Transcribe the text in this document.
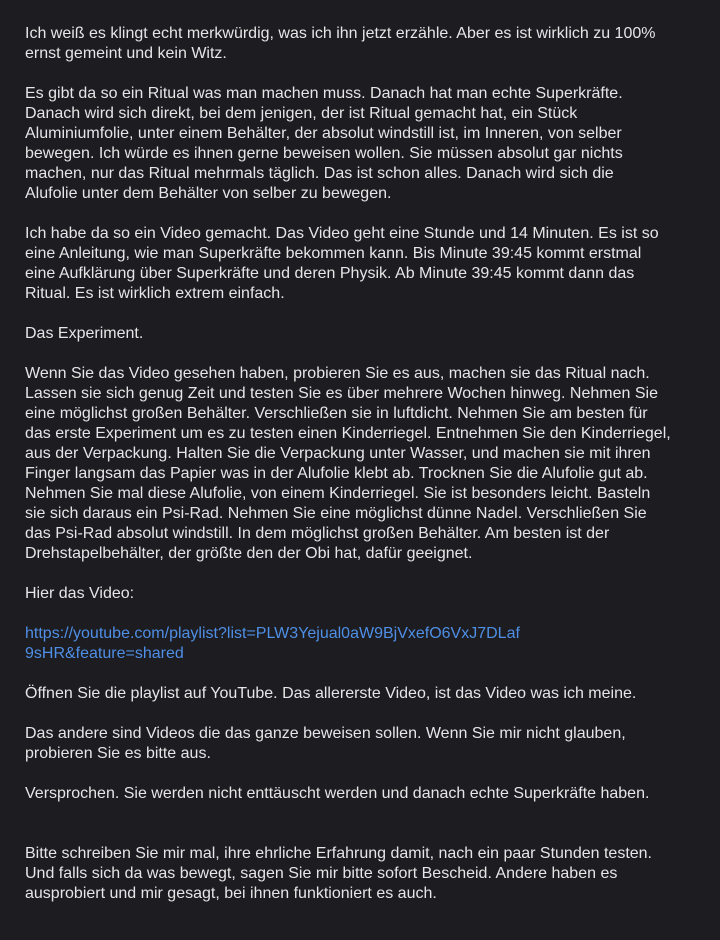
Ich weiß es klingt echt merkwürdig, was ich ihn jetzt erzähle. Aber es ist wirklich zu 100%
ernst gemeint und kein Witz.

Es gibt da so ein Ritual was man machen muss. Danach hat man echte Superkräfte.
Danach wird sich direkt, bei dem jenigen, der ist Ritual gemacht hat, ein Stück
Aluminiumfolie, unter einem Behälter, der absolut windstill ist, im Inneren, von selber
bewegen. Ich würde es ihnen gerne beweisen wollen. Sie müssen absolut gar nichts
machen, nur das Ritual mehrmals täglich. Das ist schon alles. Danach wird sich die
Alufolie unter dem Behälter von selber zu bewegen.

Ich habe da so ein Video gemacht. Das Video geht eine Stunde und 14 Minuten. Es ist so
eine Anleitung, wie man Superkräfte bekommen kann. Bis Minute 39:45 kommt erstmal
eine Aufklärung über Superkräfte und deren Physik. Ab Minute 39:45 kommt dann das
Ritual. Es ist wirklich extrem einfach.

Das Experiment.

Wenn Sie das Video gesehen haben, probieren Sie es aus, machen sie das Ritual nach.
Lassen sie sich genug Zeit und testen Sie es über mehrere Wochen hinweg. Nehmen Sie
eine möglichst großen Behälter. Verschließen sie in luftdicht. Nehmen Sie am besten für
das erste Experiment um es zu testen einen Kinderriegel. Entnehmen Sie den Kinderriegel,
aus der Verpackung. Halten Sie die Verpackung unter Wasser, und machen sie mit ihren
Finger langsam das Papier was in der Alufolie klebt ab. Trocknen Sie die Alufolie gut ab.
Nehmen Sie mal diese Alufolie, von einem Kinderriegel. Sie ist besonders leicht. Basteln
sie sich daraus ein Psi-Rad. Nehmen Sie eine möglichst dünne Nadel. Verschließen Sie
das Psi-Rad absolut windstill. In dem möglichst großen Behälter. Am besten ist der
Drehstapelbehälter, der größte den der Obi hat, dafür geeignet.

Hier das Video:

https://youtube.com/playlist?list=PLW3Yejual0aW9BjVxefO6VxJ7DLaf
9sHR&feature=shared

Öffnen Sie die playlist auf YouTube. Das allererste Video, ist das Video was ich meine.

Das andere sind Videos die das ganze beweisen sollen. Wenn Sie mir nicht glauben,
probieren Sie es bitte aus.

Versprochen. Sie werden nicht enttäuscht werden und danach echte Superkräfte haben.

Bitte schreiben Sie mir mal, ihre ehrliche Erfahrung damit, nach ein paar Stunden testen.
Und falls sich da was bewegt, sagen Sie mir bitte sofort Bescheid. Andere haben es
ausprobiert und mir gesagt, bei ihnen funktioniert es auch.
